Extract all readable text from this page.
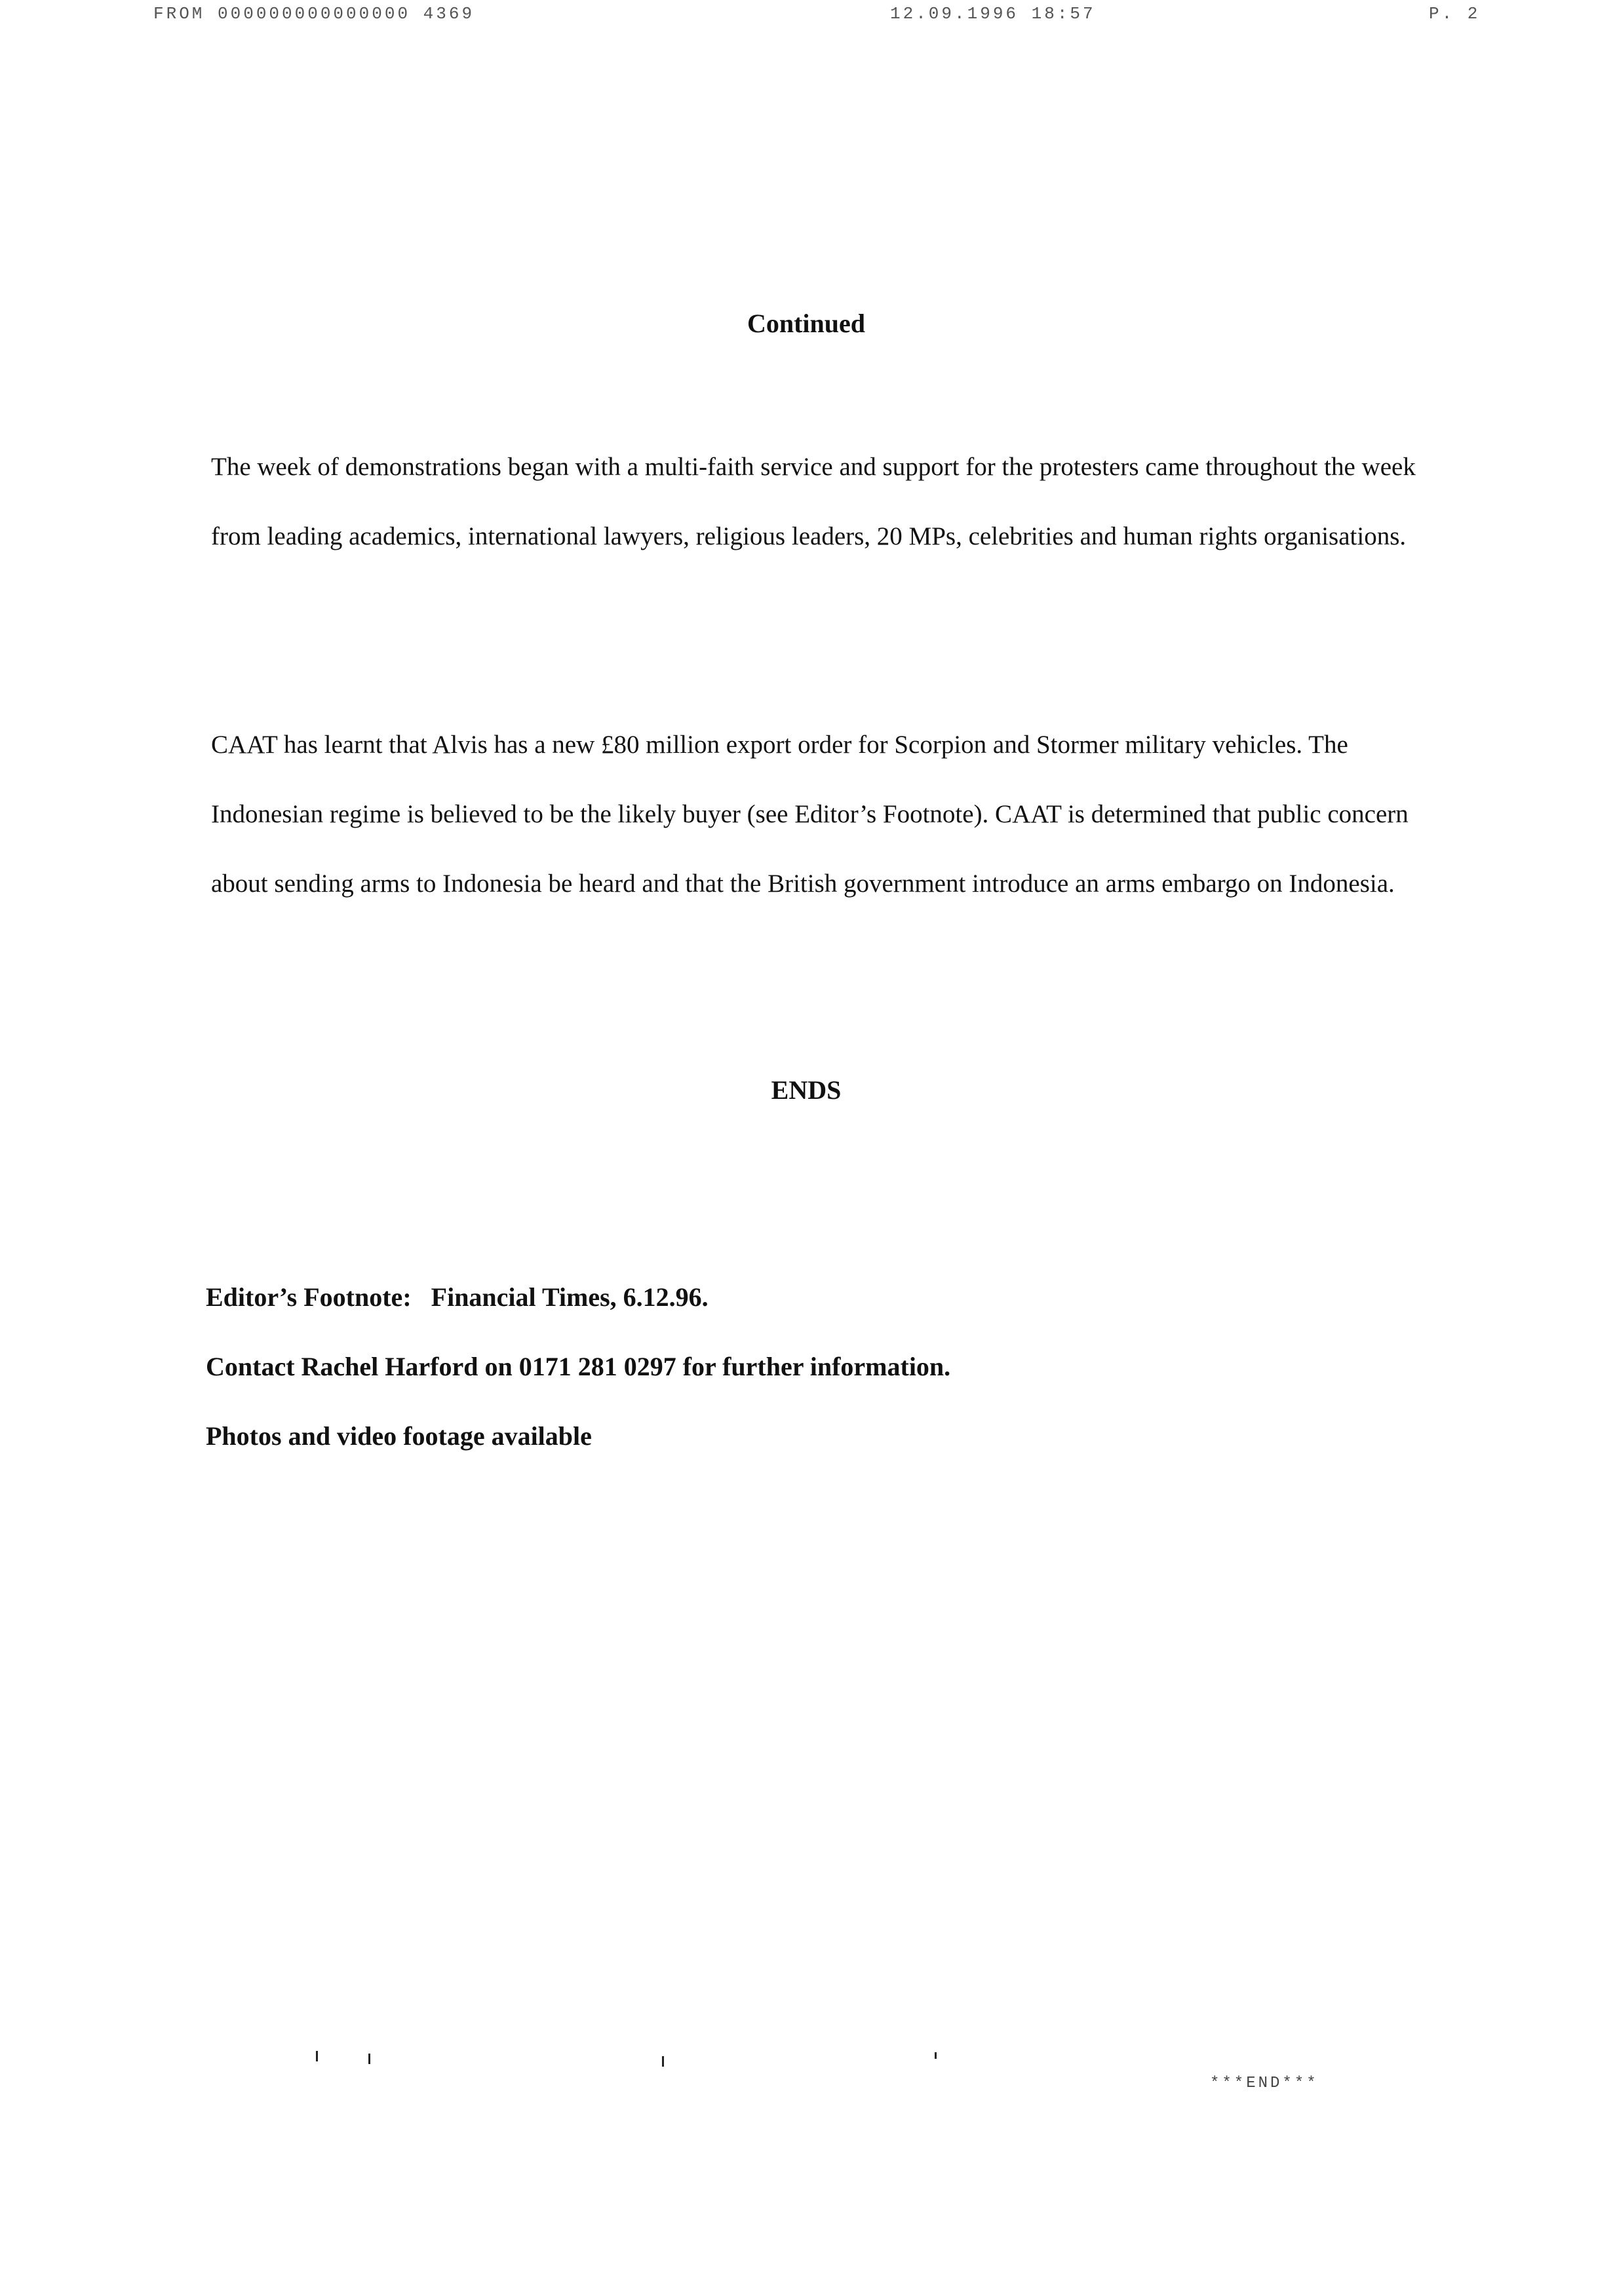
FROM 000000000000000 4369	12.09.1996 18:57	P. 2
Continued

The week of demonstrations began with a multi-faith service and support for the protesters came throughout the week from leading academics, international lawyers, religious leaders, 20 MPs, celebrities and human rights organisations.

CAAT has learnt that Alvis has a new £80 million export order for Scorpion and Stormer military vehicles. The Indonesian regime is believed to be the likely buyer (see Editor’s Footnote). CAAT is determined that public concern about sending arms to Indonesia be heard and that the British government introduce an arms embargo on Indonesia.

ENDS
Editor’s Footnote: Financial Times, 6.12.96.
Contact Rachel Harford on 0171 281 0297 for further information.
Photos and video footage available
***END***
